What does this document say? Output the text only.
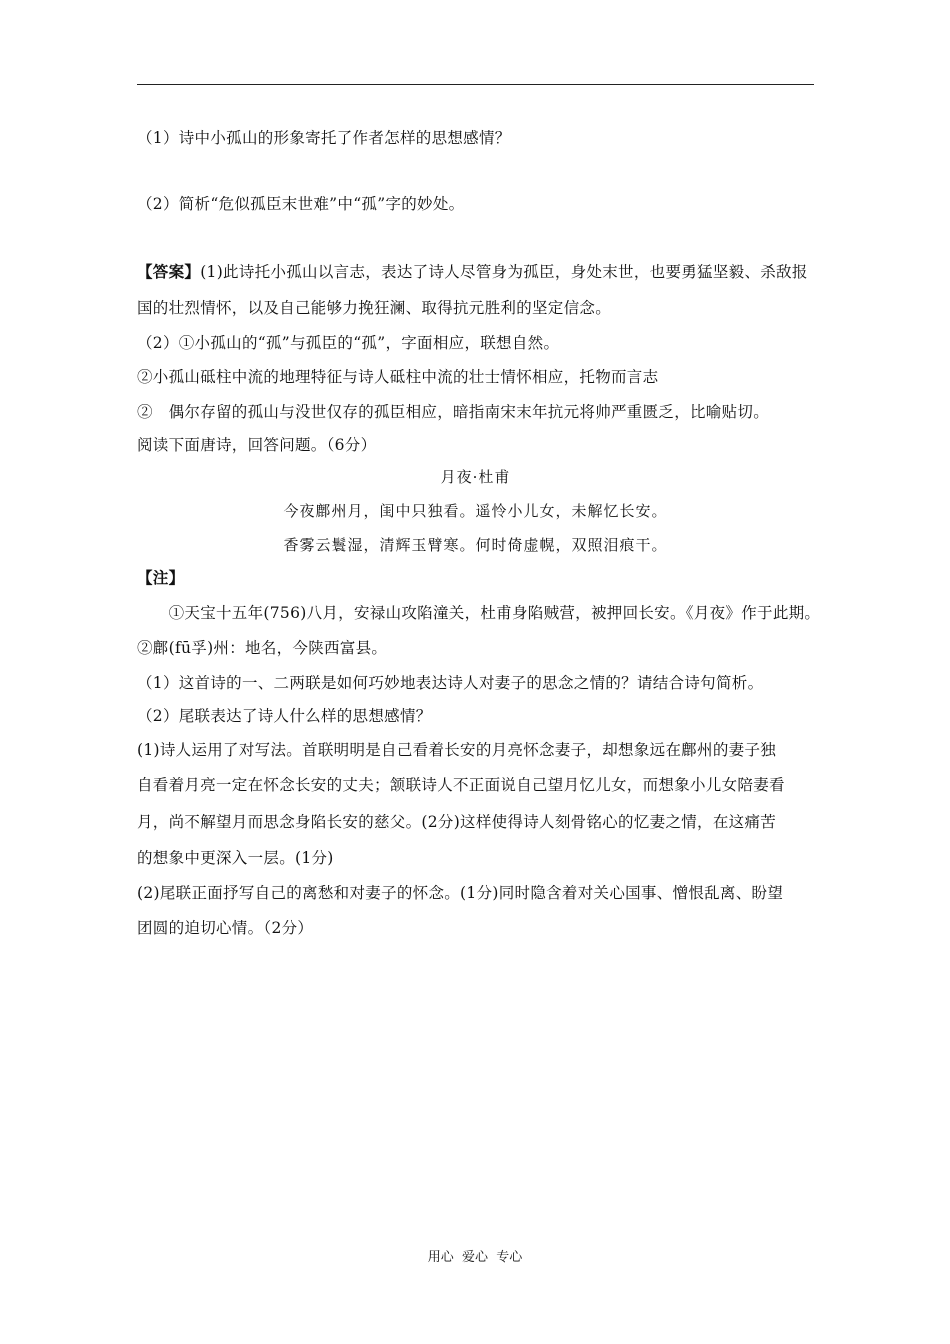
（1）诗中小孤山的形象寄托了作者怎样的思想感情？
（2）简析“危似孤臣末世难”中“孤”字的妙处。
【答案】(1)此诗托小孤山以言志，表达了诗人尽管身为孤臣，身处末世，也要勇猛坚毅、杀敌报
国的壮烈情怀，以及自己能够力挽狂澜、取得抗元胜利的坚定信念。
（2）①小孤山的“孤”与孤臣的“孤”，字面相应，联想自然。
②小孤山砥柱中流的地理特征与诗人砥柱中流的壮士情怀相应，托物而言志
②　偶尔存留的孤山与没世仅存的孤臣相应，暗指南宋末年抗元将帅严重匮乏，比喻贴切。
阅读下面唐诗，回答问题。（6分）
月夜·杜甫
今夜鄜州月，闺中只独看。遥怜小儿女，未解忆长安。
香雾云鬟湿，清辉玉臂寒。何时倚虚幌，双照泪痕干。
【注】
　　①天宝十五年(756)八月，安禄山攻陷潼关，杜甫身陷贼营，被押回长安。《月夜》作于此期。
②鄜(fū孚)州：地名，今陕西富县。
（1）这首诗的一、二两联是如何巧妙地表达诗人对妻子的思念之情的？请结合诗句简析。
（2）尾联表达了诗人什么样的思想感情？
(1)诗人运用了对写法。首联明明是自己看着长安的月亮怀念妻子，却想象远在鄜州的妻子独
自看着月亮一定在怀念长安的丈夫；颔联诗人不正面说自己望月忆儿女，而想象小儿女陪妻看
月，尚不解望月而思念身陷长安的慈父。(2分)这样使得诗人刻骨铭心的忆妻之情，在这痛苦
的想象中更深入一层。(1分)
(2)尾联正面抒写自己的离愁和对妻子的怀念。(1分)同时隐含着对关心国事、憎恨乱离、盼望
团圆的迫切心情。（2分）
用心  爱心  专心
